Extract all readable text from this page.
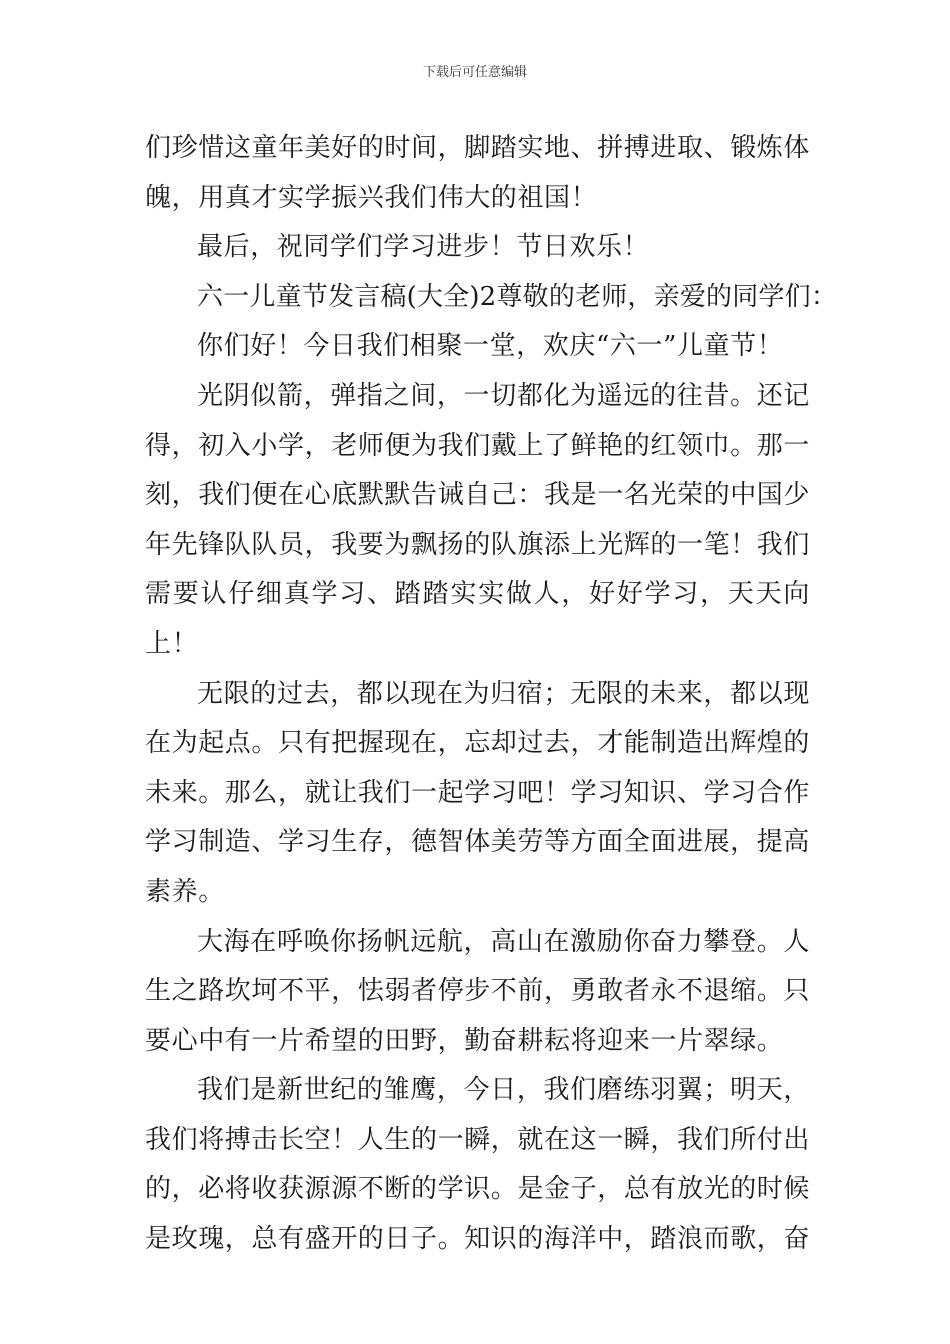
下载后可任意编辑

们珍惜这童年美好的时间，脚踏实地、拼搏进取、锻炼体魄，用真才实学振兴我们伟大的祖国！

最后，祝同学们学习进步！节日欢乐！

六一儿童节发言稿(大全)2尊敬的老师，亲爱的同学们：

你们好！今日我们相聚一堂，欢庆“六一”儿童节！

光阴似箭，弹指之间，一切都化为遥远的往昔。还记得，初入小学，老师便为我们戴上了鲜艳的红领巾。那一刻，我们便在心底默默告诫自己：我是一名光荣的中国少年先锋队队员，我要为飘扬的队旗添上光辉的一笔！我们需要认仔细真学习、踏踏实实做人，好好学习，天天向上！

无限的过去，都以现在为归宿；无限的未来，都以现在为起点。只有把握现在，忘却过去，才能制造出辉煌的未来。那么，就让我们一起学习吧！学习知识、学习合作学习制造、学习生存，德智体美劳等方面全面进展，提高素养。

大海在呼唤你扬帆远航，高山在激励你奋力攀登。人生之路坎坷不平，怯弱者停步不前，勇敢者永不退缩。只要心中有一片希望的田野，勤奋耕耘将迎来一片翠绿。

我们是新世纪的雏鹰，今日，我们磨练羽翼；明天，我们将搏击长空！人生的一瞬，就在这一瞬，我们所付出的，必将收获源源不断的学识。是金子，总有放光的时候是玫瑰，总有盛开的日子。知识的海洋中，踏浪而歌，奋
